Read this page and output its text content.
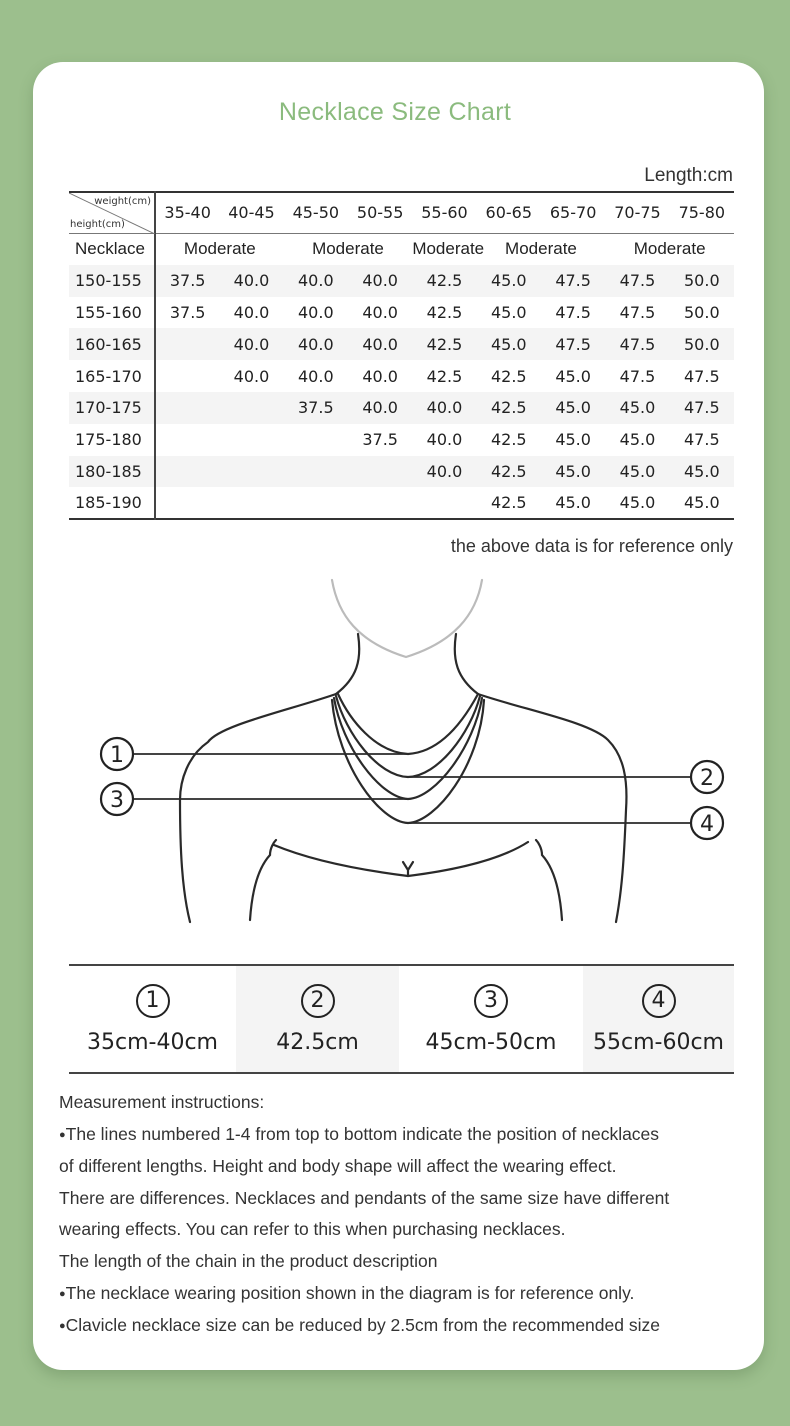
Necklace Size Chart
Length:cm
weight(cm)
height(cm)	35-40	40-45	45-50	50-55	55-60	60-65	65-70	70-75	75-80
Necklace	Moderate		Moderate		Moderate	Moderate		Moderate	
150-155	37.5	40.0	40.0	40.0	42.5	45.0	47.5	47.5	50.0
155-160	37.5	40.0	40.0	40.0	42.5	45.0	47.5	47.5	50.0
160-165		40.0	40.0	40.0	42.5	45.0	47.5	47.5	50.0
165-170		40.0	40.0	40.0	42.5	42.5	45.0	47.5	47.5
170-175			37.5	40.0	40.0	42.5	45.0	45.0	47.5
175-180				37.5	40.0	42.5	45.0	45.0	47.5
180-185					40.0	42.5	45.0	45.0	45.0
185-190						42.5	45.0	45.0	45.0
the above data is for reference only
1
2
3
4
1
35cm-40cm
2
42.5cm
3
45cm-50cm
4
55cm-60cm
Measurement instructions:
● The lines numbered 1-4 from top to bottom indicate the position of necklaces
of different lengths. Height and body shape will affect the wearing effect.
There are differences. Necklaces and pendants of the same size have different
wearing effects. You can refer to this when purchasing necklaces.
The length of the chain in the product description
● The necklace wearing position shown in the diagram is for reference only.
● Clavicle necklace size can be reduced by 2.5cm from the recommended size
